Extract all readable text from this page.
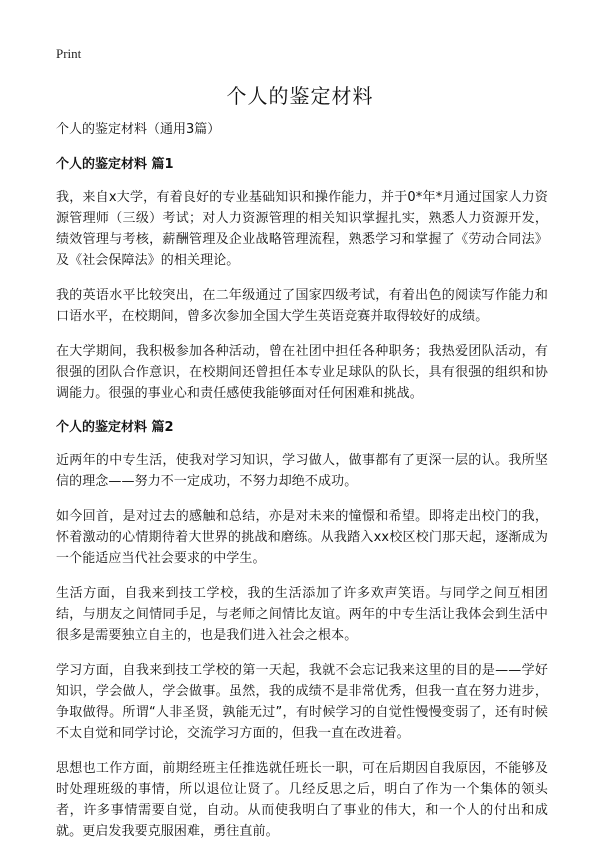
Print
个人的鉴定材料

个人的鉴定材料（通用3篇）

个人的鉴定材料 篇1

我，来自x大学，有着良好的专业基础知识和操作能力，并于0*年*月通过国家人力资源管理师（三级）考试；对人力资源管理的相关知识掌握扎实，熟悉人力资源开发，绩效管理与考核，薪酬管理及企业战略管理流程，熟悉学习和掌握了《劳动合同法》及《社会保障法》的相关理论。

我的英语水平比较突出，在二年级通过了国家四级考试，有着出色的阅读写作能力和口语水平，在校期间，曾多次参加全国大学生英语竞赛并取得较好的成绩。

在大学期间，我积极参加各种活动，曾在社团中担任各种职务；我热爱团队活动，有很强的团队合作意识，在校期间还曾担任本专业足球队的队长，具有很强的组织和协调能力。很强的事业心和责任感使我能够面对任何困难和挑战。

个人的鉴定材料 篇2

近两年的中专生活，使我对学习知识，学习做人，做事都有了更深一层的认。我所坚信的理念——努力不一定成功，不努力却绝不成功。

如今回首，是对过去的感触和总结，亦是对未来的憧憬和希望。即将走出校门的我，怀着激动的心情期待着大世界的挑战和磨练。从我踏入xx校区校门那天起，逐渐成为一个能适应当代社会要求的中学生。

生活方面，自我来到技工学校，我的生活添加了许多欢声笑语。与同学之间互相团结，与朋友之间情同手足，与老师之间情比友谊。两年的中专生活让我体会到生活中很多是需要独立自主的，也是我们进入社会之根本。

学习方面，自我来到技工学校的第一天起，我就不会忘记我来这里的目的是——学好知识，学会做人，学会做事。虽然，我的成绩不是非常优秀，但我一直在努力进步，争取做得。所谓“人非圣贤，孰能无过”，有时候学习的自觉性慢慢变弱了，还有时候不太自觉和同学讨论，交流学习方面的，但我一直在改进着。

思想也工作方面，前期经班主任推选就任班长一职，可在后期因自我原因，不能够及时处理班级的事情，所以退位让贤了。几经反思之后，明白了作为一个集体的领头者，许多事情需要自觉，自动。从而使我明白了事业的伟大，和一个人的付出和成就。更启发我要克服困难，勇往直前。
